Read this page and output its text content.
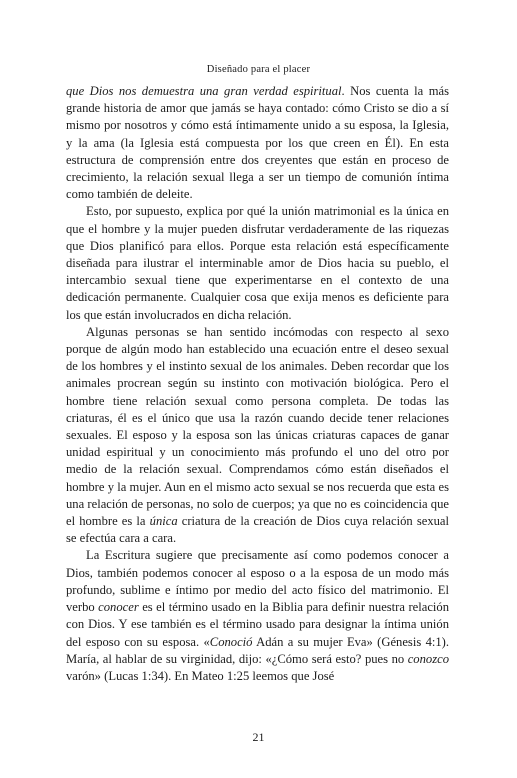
Diseñado para el placer

que Dios nos demuestra una gran verdad espiritual. Nos cuenta la más grande historia de amor que jamás se haya contado: cómo Cristo se dio a sí mismo por nosotros y cómo está íntimamente unido a su esposa, la Iglesia, y la ama (la Iglesia está compuesta por los que creen en Él). En esta estructura de comprensión entre dos creyentes que están en proceso de crecimiento, la relación sexual llega a ser un tiempo de comunión íntima como también de deleite.

Esto, por supuesto, explica por qué la unión matrimonial es la única en que el hombre y la mujer pueden disfrutar verdaderamente de las riquezas que Dios planificó para ellos. Porque esta relación está específicamente diseñada para ilustrar el interminable amor de Dios hacia su pueblo, el intercambio sexual tiene que experimentarse en el contexto de una dedicación permanente. Cualquier cosa que exija menos es deficiente para los que están involucrados en dicha relación.

Algunas personas se han sentido incómodas con respecto al sexo porque de algún modo han establecido una ecuación entre el deseo sexual de los hombres y el instinto sexual de los animales. Deben recordar que los animales procrean según su instinto con motivación biológica. Pero el hombre tiene relación sexual como persona completa. De todas las criaturas, él es el único que usa la razón cuando decide tener relaciones sexuales. El esposo y la esposa son las únicas criaturas capaces de ganar unidad espiritual y un conocimiento más profundo el uno del otro por medio de la relación sexual. Comprendamos cómo están diseñados el hombre y la mujer. Aun en el mismo acto sexual se nos recuerda que esta es una relación de personas, no solo de cuerpos; ya que no es coincidencia que el hombre es la única criatura de la creación de Dios cuya relación sexual se efectúa cara a cara.

La Escritura sugiere que precisamente así como podemos conocer a Dios, también podemos conocer al esposo o a la esposa de un modo más profundo, sublime e íntimo por medio del acto físico del matrimonio. El verbo conocer es el término usado en la Biblia para definir nuestra relación con Dios. Y ese también es el término usado para designar la íntima unión del esposo con su esposa. «Conoció Adán a su mujer Eva» (Génesis 4:1). María, al hablar de su virginidad, dijo: «¿Cómo será esto? pues no conozco varón» (Lucas 1:34). En Mateo 1:25 leemos que José

21
